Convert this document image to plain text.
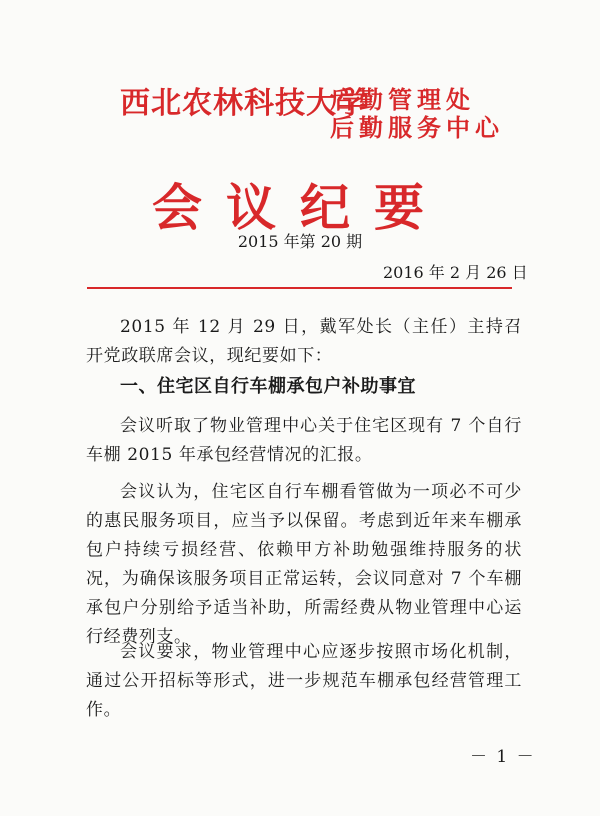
西北农林科技大学
后勤管理处
后勤服务中心
会议纪要
2015 年第 20 期
2016 年 2 月 26 日
2015 年 12 月 29 日，戴军处长（主任）主持召开党政联席会议，现纪要如下：
一、住宅区自行车棚承包户补助事宜
会议听取了物业管理中心关于住宅区现有 7 个自行车棚 2015 年承包经营情况的汇报。
会议认为，住宅区自行车棚看管做为一项必不可少的惠民服务项目，应当予以保留。考虑到近年来车棚承包户持续亏损经营、依赖甲方补助勉强维持服务的状况，为确保该服务项目正常运转，会议同意对 7 个车棚承包户分别给予适当补助，所需经费从物业管理中心运行经费列支。
会议要求，物业管理中心应逐步按照市场化机制，通过公开招标等形式，进一步规范车棚承包经营管理工作。
－ 1 －
